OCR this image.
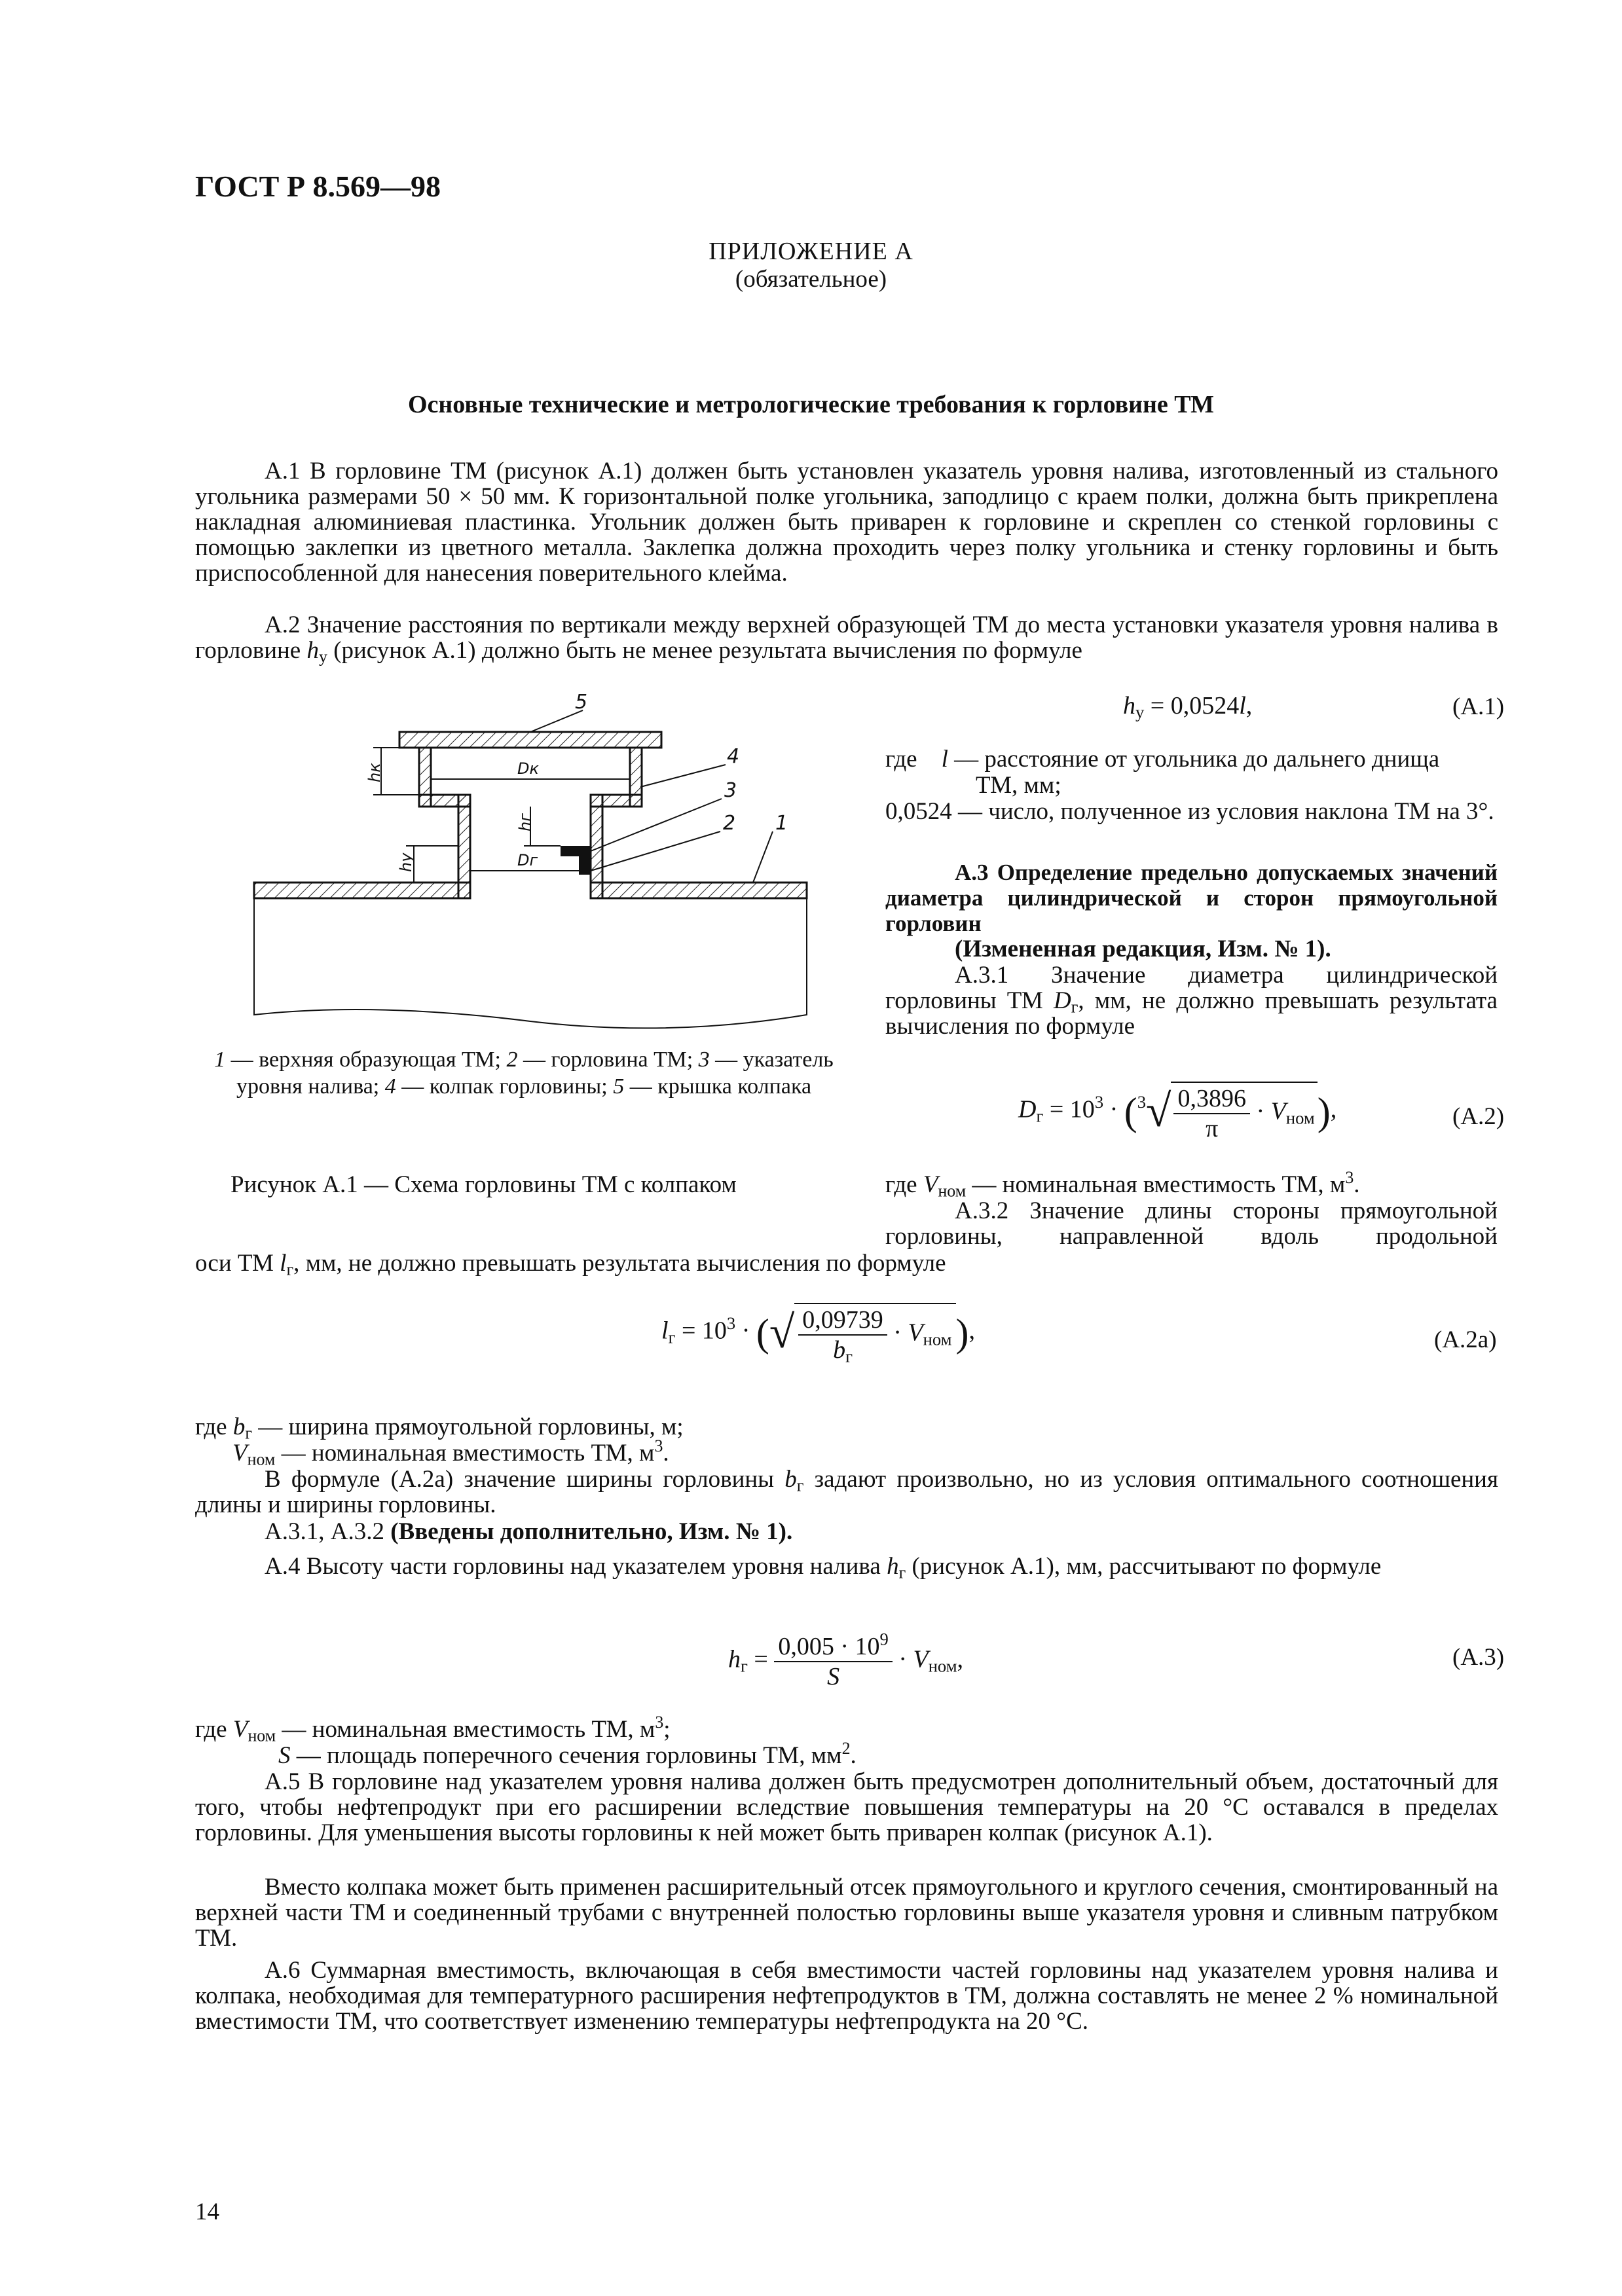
ГОСТ Р 8.569—98
ПРИЛОЖЕНИЕ А
(обязательное)
Основные технические и метрологические требования к горловине ТМ
А.1 В горловине ТМ (рисунок А.1) должен быть установлен указатель уровня налива, изготовленный из стального угольника размерами 50 × 50 мм. К горизонтальной полке угольника, заподлицо с краем полки, должна быть прикреплена накладная алюминиевая пластинка. Угольник должен быть приварен к горловине и скреплен со стенкой горловины с помощью заклепки из цветного металла. Заклепка должна проходить через полку угольника и стенку горловины и быть приспособленной для нанесения поверительного клейма.
А.2 Значение расстояния по вертикали между верхней образующей ТМ до места установки указателя уровня налива в горловине $h_у$ (рисунок А.1) должно быть не менее результата вычисления по формуле
$h_у = 0,0524l$,	(А.1)
5
4
3
2 1
Dк
Dг
hк
hг
hу
1 — верхняя образующая ТМ; 2 — горловина ТМ; 3 — указатель уровня налива; 4 — колпак горловины; 5 — крышка колпака
Рисунок А.1 — Схема горловины ТМ с колпаком
где l — расстояние от угольника до дальнего днища
ТМ, мм;
0,0524 — число, полученное из условия наклона ТМ на 3°.
А.3 Определение предельно допускаемых значений диаметра цилиндрической и сторон прямоугольной горловин
(Измененная редакция, Изм. № 1).
А.3.1 Значение диаметра цилиндрической горловины ТМ $D_г$, мм, не должно превышать результата вычисления по формуле
$D_г = 10^3 \cdot (^3√ \frac{0,3896}{\pi} \cdot V_{ном})$,	(А.2)
где $V_{ном}$ — номинальная вместимость ТМ, $м^3$.
А.3.2 Значение длины стороны прямоугольной горловины, направленной вдоль продольной
оси ТМ $l_г$, мм, не должно превышать результата вычисления по формуле
$l_г = 10^3$ · (√ $\frac{0,09739}{b_г} \cdot V_{ном}$ ),	(А.2а)
где $b_г$ — ширина прямоугольной горловины, м;
$V_{ном}$ — номинальная вместимость ТМ, $м^3$.
В формуле (А.2а) значение ширины горловины $b_г$ задают произвольно, но из условия оптимального соотношения длины и ширины горловины.
А.3.1, А.3.2 (Введены дополнительно, Изм. № 1).
А.4 Высоту части горловины над указателем уровня налива $h_г$ (рисунок А.1), мм, рассчитывают по формуле
$h_г = \frac{0,005 \cdot 10^9}{S} \cdot V_{ном}$,	(А.3)
где $V_{ном}$ — номинальная вместимость ТМ, $м^3$;
S — площадь поперечного сечения горловины ТМ, $мм^2$.
А.5 В горловине над указателем уровня налива должен быть предусмотрен дополнительный объем, достаточный для того, чтобы нефтепродукт при его расширении вследствие повышения температуры на 20 °С оставался в пределах горловины. Для уменьшения высоты горловины к ней может быть приварен колпак (рисунок А.1).
Вместо колпака может быть применен расширительный отсек прямоугольного и круглого сечения, смонтированный на верхней части ТМ и соединенный трубами с внутренней полостью горловины выше указателя уровня и сливным патрубком ТМ.
А.6 Суммарная вместимость, включающая в себя вместимости частей горловины над указателем уровня налива и колпака, необходимая для температурного расширения нефтепродуктов в ТМ, должна составлять не менее 2 % номинальной вместимости ТМ, что соответствует изменению температуры нефтепродукта на 20 °С.
14
